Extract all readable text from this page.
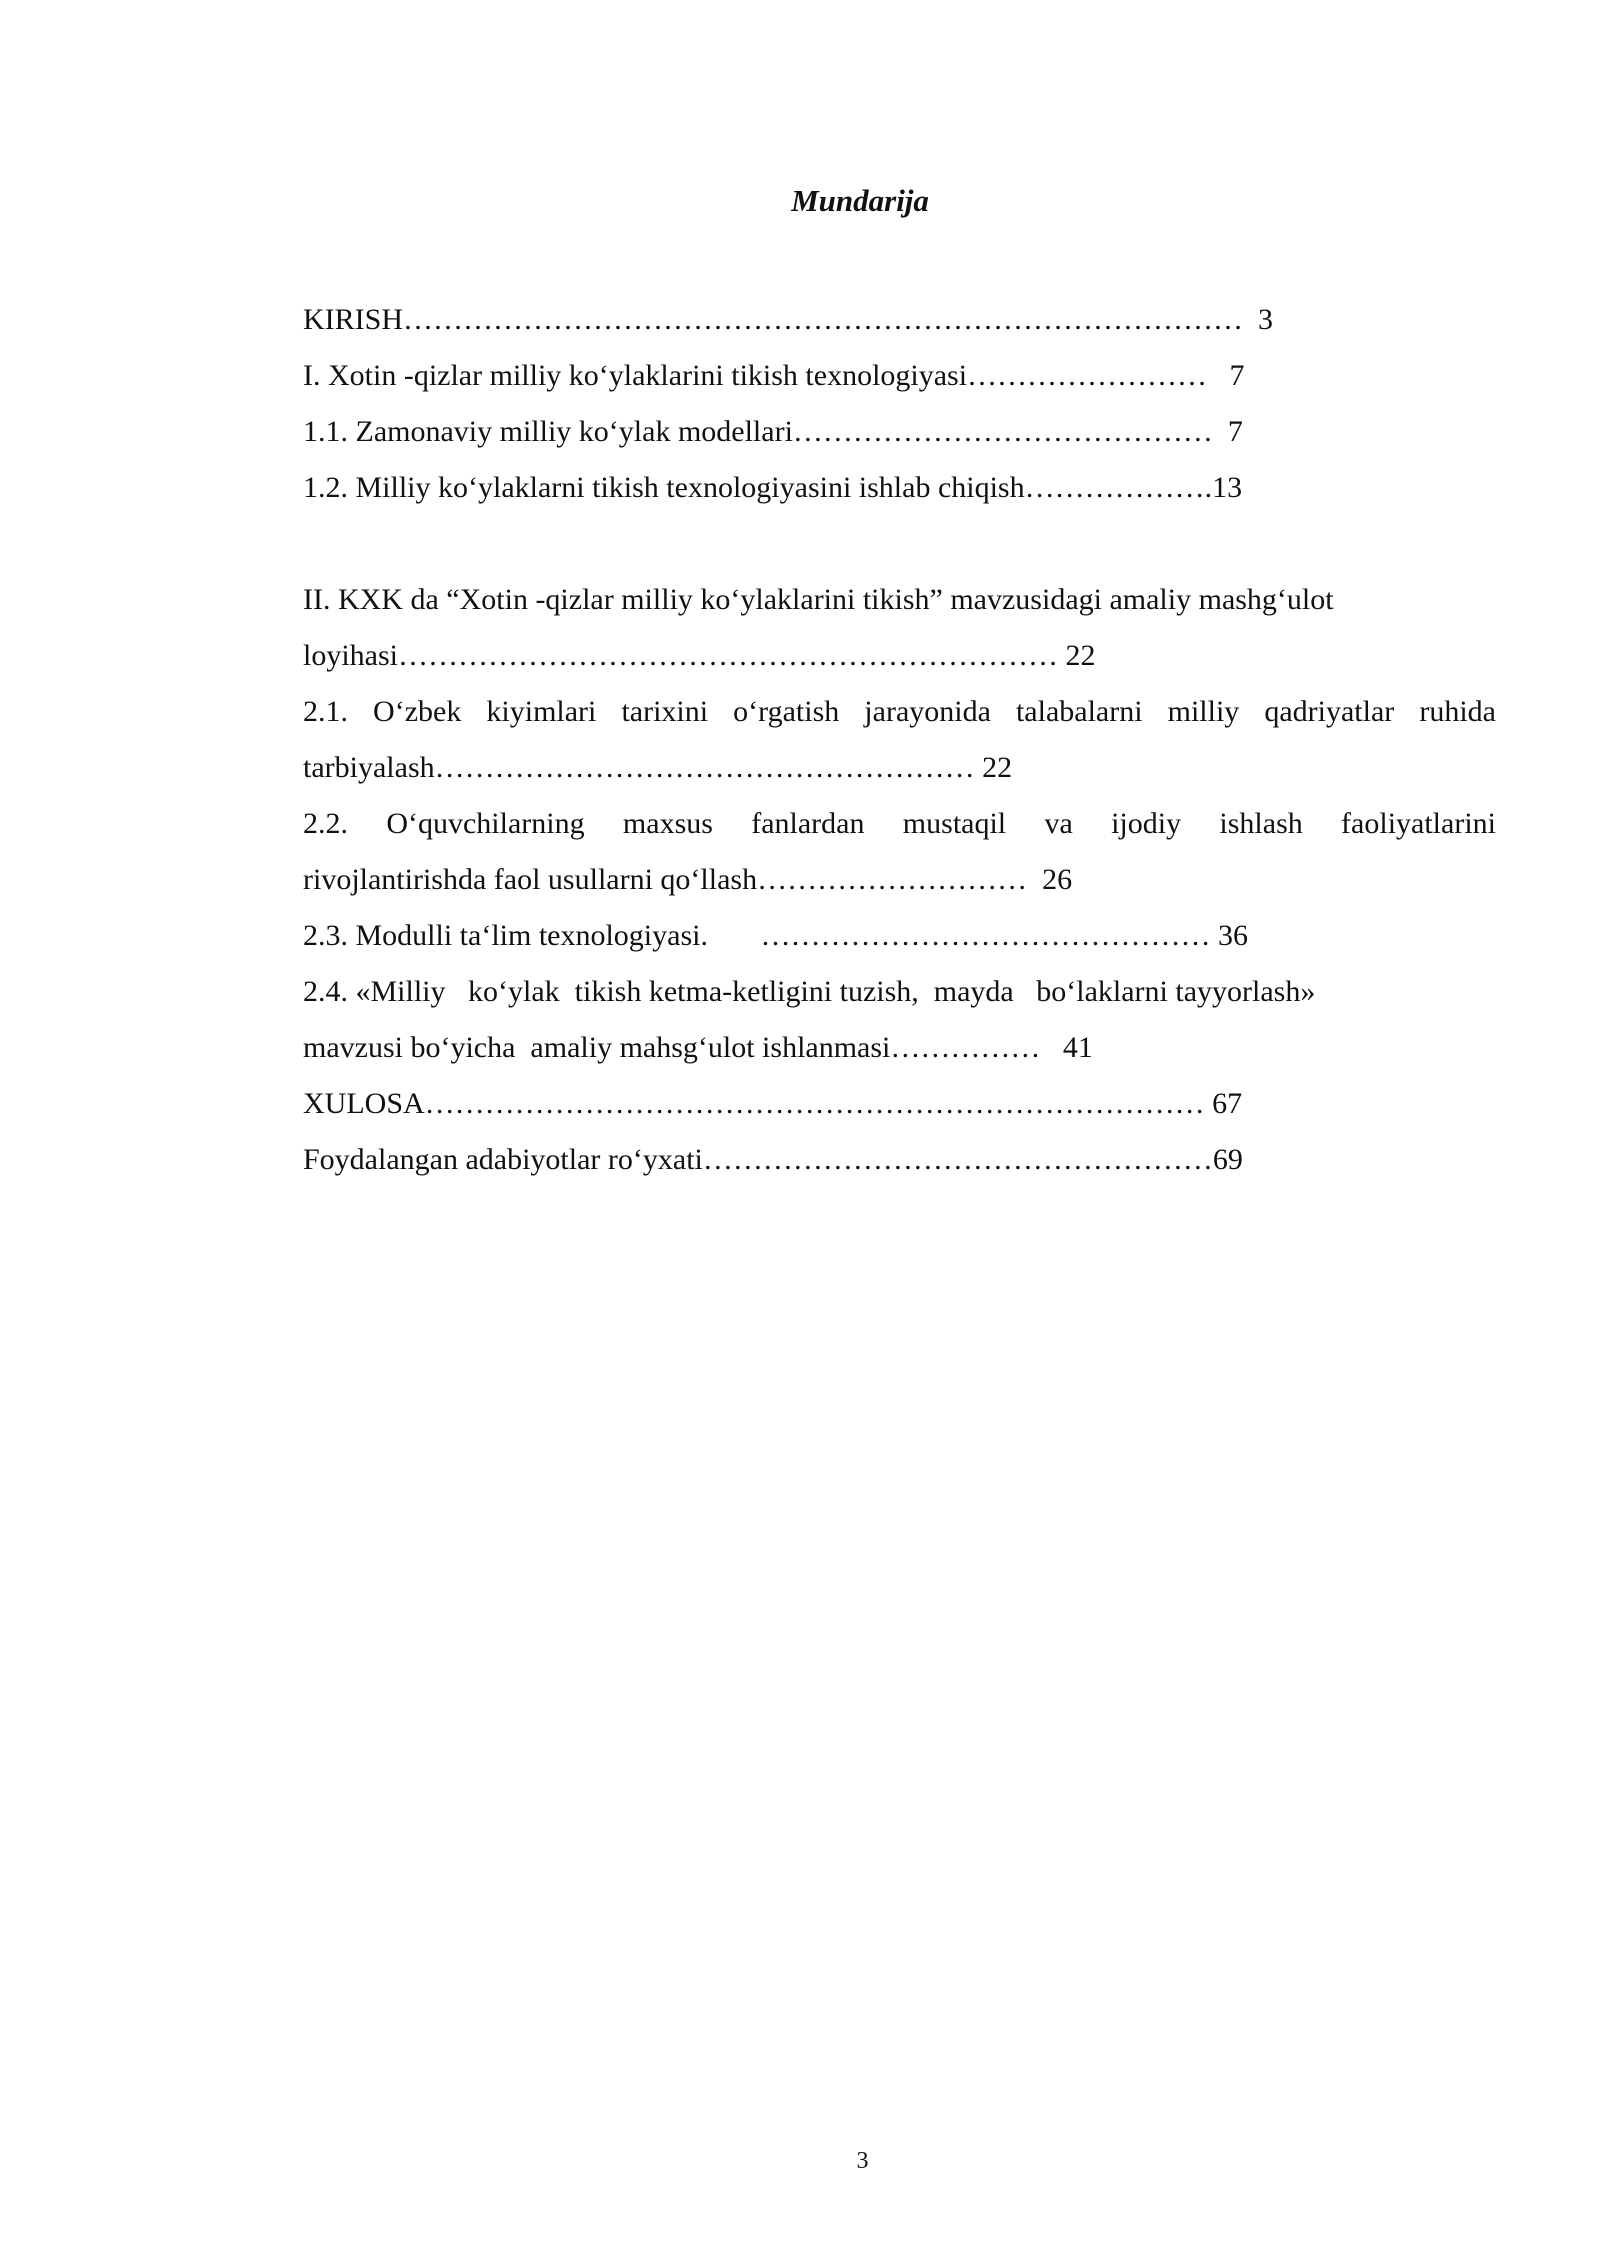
Mundarija
KIRISH…………………………………………………………………………  3
I. Xotin -qizlar milliy ko‘ylaklarini tikish texnologiyasi……………………   7
1.1. Zamonaviy milliy ko‘ylak modellari……………………………………  7
1.2. Milliy ko‘ylaklarni tikish texnologiyasini ishlab chiqish……………….13
II. KXK da “Xotin -qizlar milliy ko‘ylaklarini tikish” mavzusidagi amaliy mashg‘ulot
loyihasi………………………………………………………… 22
2.1. O‘zbek kiyimlari tarixini o‘rgatish jarayonida talabalarni milliy qadriyatlar ruhida
tarbiyalash……………………………………………… 22
2.2. O‘quvchilarning maxsus fanlardan mustaqil va ijodiy ishlash faoliyatlarini
rivojlantirishda faol usullarni qo‘llash………………………  26
2.3. Modulli ta‘lim texnologiyasi.       ……………………………………… 36
2.4. «Milliy   ko‘ylak  tikish ketma-ketligini tuzish,  mayda   bo‘laklarni tayyorlash»
mavzusi bo‘yicha  amaliy mahsg‘ulot ishlanmasi……………   41
XULOSA…………………………………………………………………… 67
Foydalangan adabiyotlar ro‘yxati……………………………………………69
3
